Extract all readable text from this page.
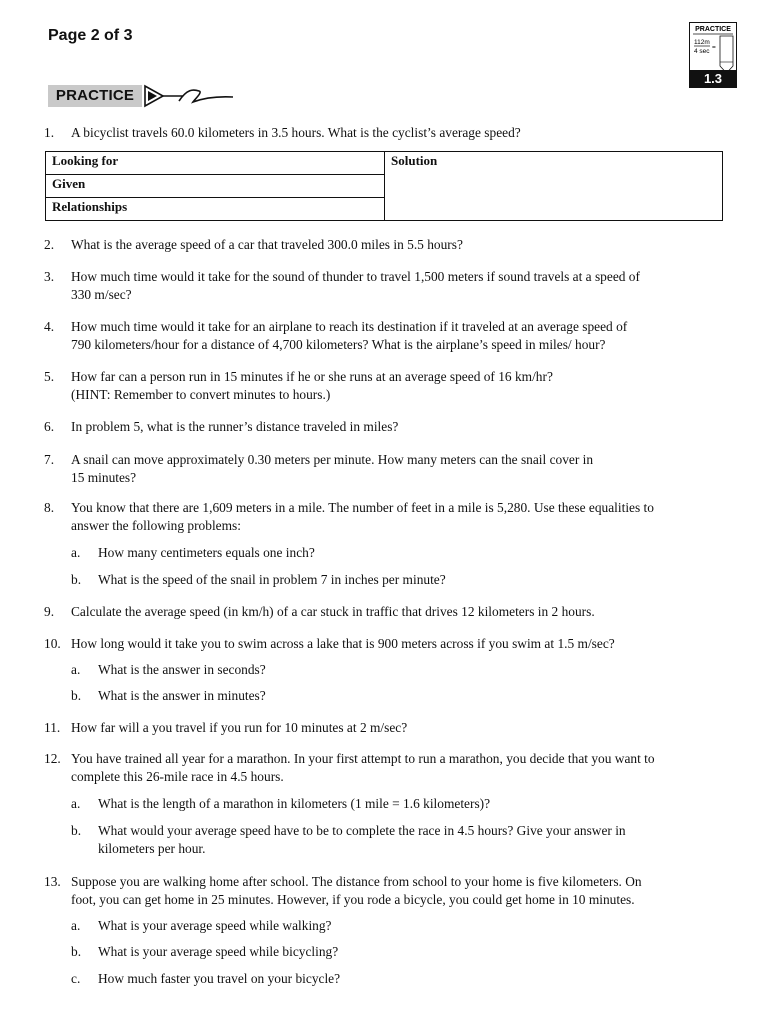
Page 2 of 3	PRACTICE
112m
4 sec
=
1.3
PRACTICE
Looking for	Solution
Given
Relationships
1. A bicyclist travels 60.0 kilometers in 3.5 hours. What is the cyclist’s average speed?
2. What is the average speed of a car that traveled 300.0 miles in 5.5 hours?
3. How much time would it take for the sound of thunder to travel 1,500 meters if sound travels at a speed of
330 m/sec?
4. How much time would it take for an airplane to reach its destination if it traveled at an average speed of
790 kilometers/hour for a distance of 4,700 kilometers? What is the airplane’s speed in miles/ hour?
5. How far can a person run in 15 minutes if he or she runs at an average speed of 16 km/hr?
(HINT: Remember to convert minutes to hours.)
6. In problem 5, what is the runner’s distance traveled in miles?
7. A snail can move approximately 0.30 meters per minute. How many meters can the snail cover in
15 minutes?
8. You know that there are 1,609 meters in a mile. The number of feet in a mile is 5,280. Use these equalities to
answer the following problems:
a. How many centimeters equals one inch?
b. What is the speed of the snail in problem 7 in inches per minute?
9. Calculate the average speed (in km/h) of a car stuck in traffic that drives 12 kilometers in 2 hours.
10. How long would it take you to swim across a lake that is 900 meters across if you swim at 1.5 m/sec?
a. What is the answer in seconds?
b. What is the answer in minutes?
11. How far will a you travel if you run for 10 minutes at 2 m/sec?
12. You have trained all year for a marathon. In your first attempt to run a marathon, you decide that you want to
complete this 26-mile race in 4.5 hours.
a. What is the length of a marathon in kilometers (1 mile = 1.6 kilometers)?
b. What would your average speed have to be to complete the race in 4.5 hours? Give your answer in
kilometers per hour.
13. Suppose you are walking home after school. The distance from school to your home is five kilometers. On
foot, you can get home in 25 minutes. However, if you rode a bicycle, you could get home in 10 minutes.
a. What is your average speed while walking?
b. What is your average speed while bicycling?
c. How much faster you travel on your bicycle?
